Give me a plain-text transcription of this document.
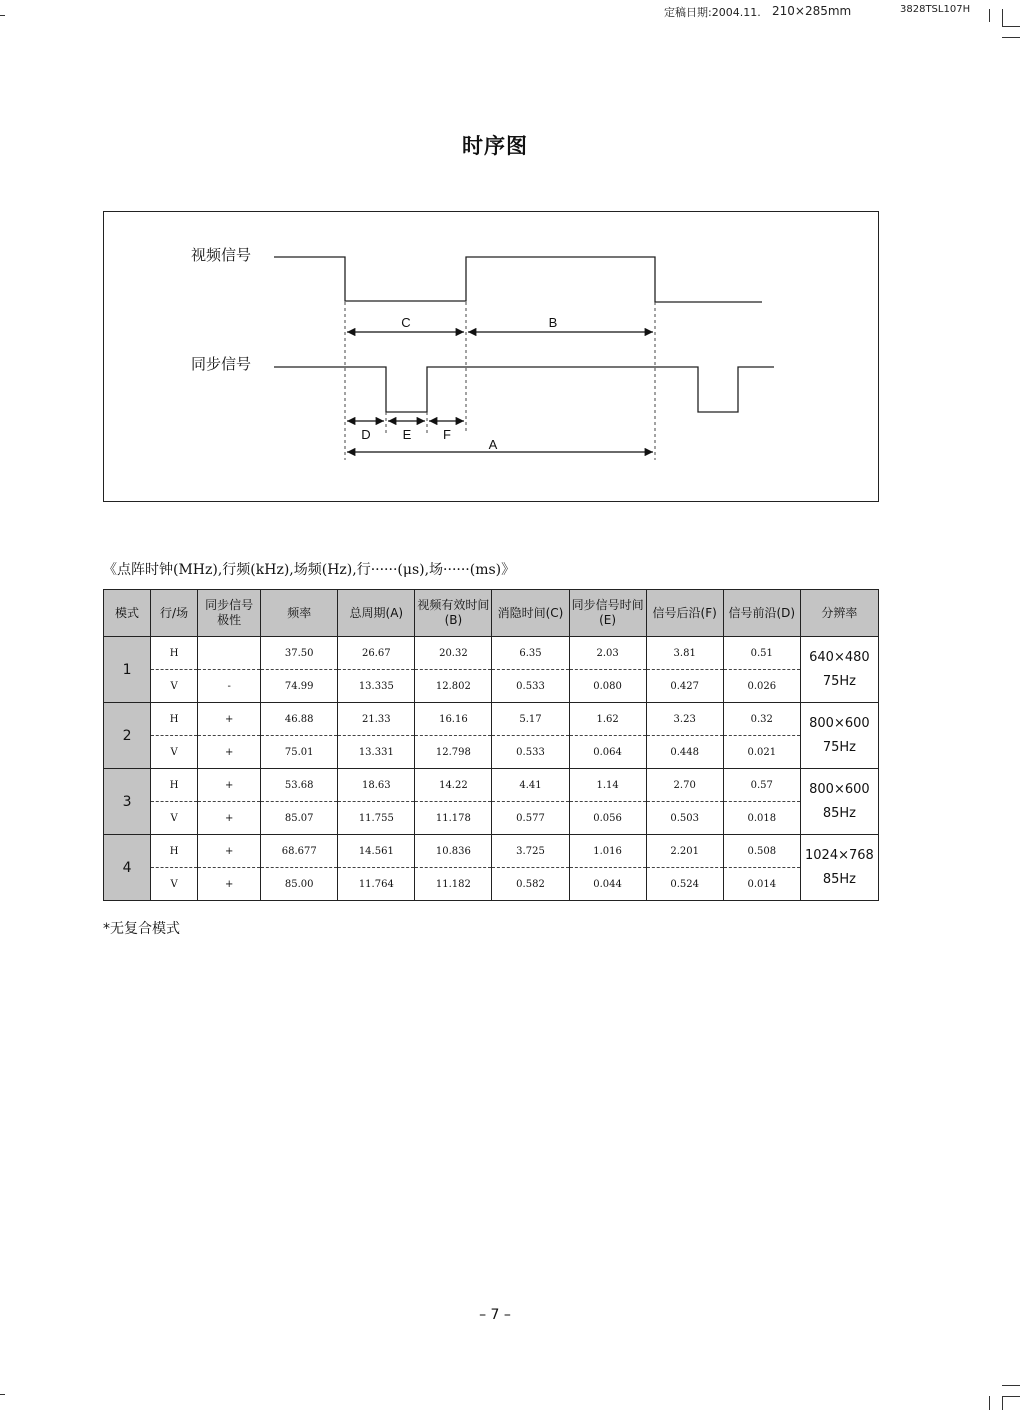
定稿日期:2004.11. 210×285mm	3828TSL107H
时序图
视频信号
同步信号
C	B
D E F
A
《点阵时钟(MHz),行频(kHz),场频(Hz),行······(μs),场······(ms)》
模式	行/场	同步信号极性	频率	总周期(A)	视频有效时间(B)	消隐时间(C)	同步信号时间(E)	信号后沿(F)	信号前沿(D)	分辨率
1	H		37.50	26.67	20.32	6.35	2.03	3.81	0.51	640×480
75Hz
	V	-	74.99	13.335	12.802	0.533	0.080	0.427	0.026	
2	H	+	46.88	21.33	16.16	5.17	1.62	3.23	0.32	800×600
75Hz
	V	+	75.01	13.331	12.798	0.533	0.064	0.448	0.021	
3	H	+	53.68	18.63	14.22	4.41	1.14	2.70	0.57	800×600
85Hz
	V	+	85.07	11.755	11.178	0.577	0.056	0.503	0.018	
4	H	+	68.677	14.561	10.836	3.725	1.016	2.201	0.508	1024×768
85Hz
	V	+	85.00	11.764	11.182	0.582	0.044	0.524	0.014	
*无复合模式
– 7 –
